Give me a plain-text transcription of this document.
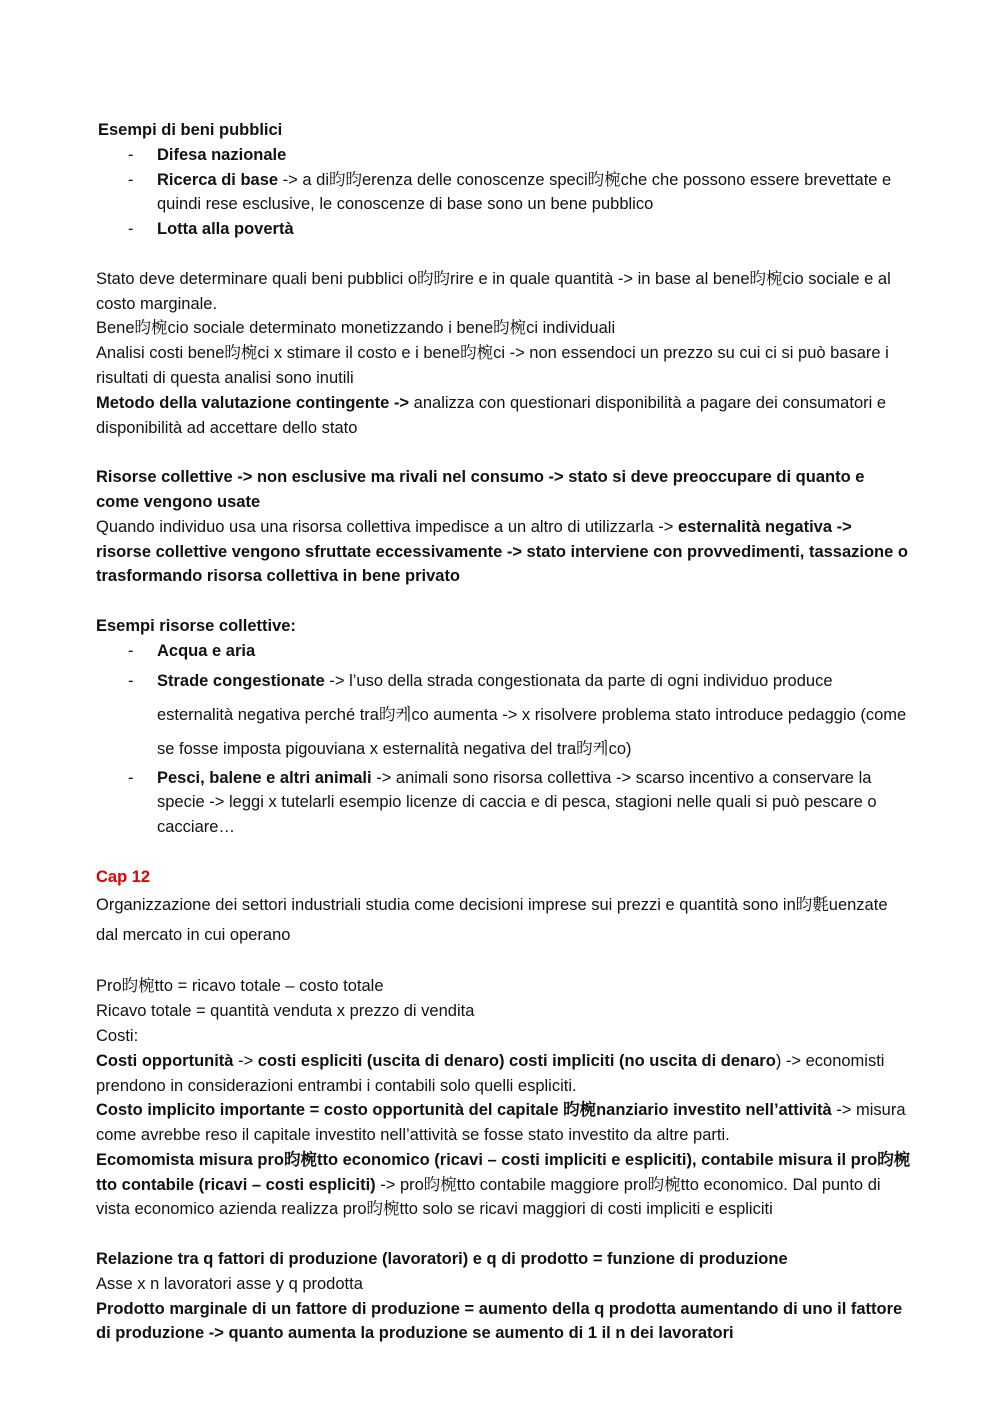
Esempi di beni pubblici

- Difesa nazionale
- Ricerca di base -> a di昀昀erenza delle conoscenze speci昀椀che che possono essere brevettate e quindi rese esclusive, le conoscenze di base sono un bene pubblico
- Lotta alla povertà

Stato deve determinare quali beni pubblici o昀昀rire e in quale quantità -> in base al bene昀椀cio sociale e al costo marginale.

Bene昀椀cio sociale determinato monetizzando i bene昀椀ci individuali

Analisi costi bene昀椀ci x stimare il costo e i bene昀椀ci -> non essendoci un prezzo su cui ci si può basare i risultati di questa analisi sono inutili

Metodo della valutazione contingente -> analizza con questionari disponibilità a pagare dei consumatori e disponibilità ad accettare dello stato

Risorse collettive -> non esclusive ma rivali nel consumo -> stato si deve preoccupare di quanto e come vengono usate

Quando individuo usa una risorsa collettiva impedisce a un altro di utilizzarla -> esternalità negativa -> risorse collettive vengono sfruttate eccessivamente -> stato interviene con provvedimenti, tassazione o trasformando risorsa collettiva in bene privato

Esempi risorse collettive:

- Acqua e aria
- Strade congestionate -> l’uso della strada congestionata da parte di ogni individuo produce esternalità negativa perché tra昀케co aumenta -> x risolvere problema stato introduce pedaggio (come se fosse imposta pigouviana x esternalità negativa del tra昀케co)
- Pesci, balene e altri animali -> animali sono risorsa collettiva -> scarso incentivo a conservare la specie -> leggi x tutelarli esempio licenze di caccia e di pesca, stagioni nelle quali si può pescare o cacciare…

Cap 12

Organizzazione dei settori industriali studia come decisioni imprese sui prezzi e quantità sono in昀氀uenzate dal mercato in cui operano

Pro昀椀tto = ricavo totale – costo totale

Ricavo totale = quantità venduta x prezzo di vendita

Costi:

Costi opportunità -> costi espliciti (uscita di denaro) costi impliciti (no uscita di denaro) -> economisti prendono in considerazioni entrambi i contabili solo quelli espliciti.

Costo implicito importante = costo opportunità del capitale 昀椀nanziario investito nell’attività -> misura come avrebbe reso il capitale investito nell’attività se fosse stato investito da altre parti.

Ecomomista misura pro昀椀tto economico (ricavi – costi impliciti e espliciti), contabile misura il pro昀椀tto contabile (ricavi – costi espliciti) -> pro昀椀tto contabile maggiore pro昀椀tto economico. Dal punto di vista economico azienda realizza pro昀椀tto solo se ricavi maggiori di costi impliciti e espliciti

Relazione tra q fattori di produzione (lavoratori) e q di prodotto = funzione di produzione

Asse x n lavoratori asse y q prodotta

Prodotto marginale di un fattore di produzione = aumento della q prodotta aumentando di uno il fattore di produzione -> quanto aumenta la produzione se aumento di 1 il n dei lavoratori
